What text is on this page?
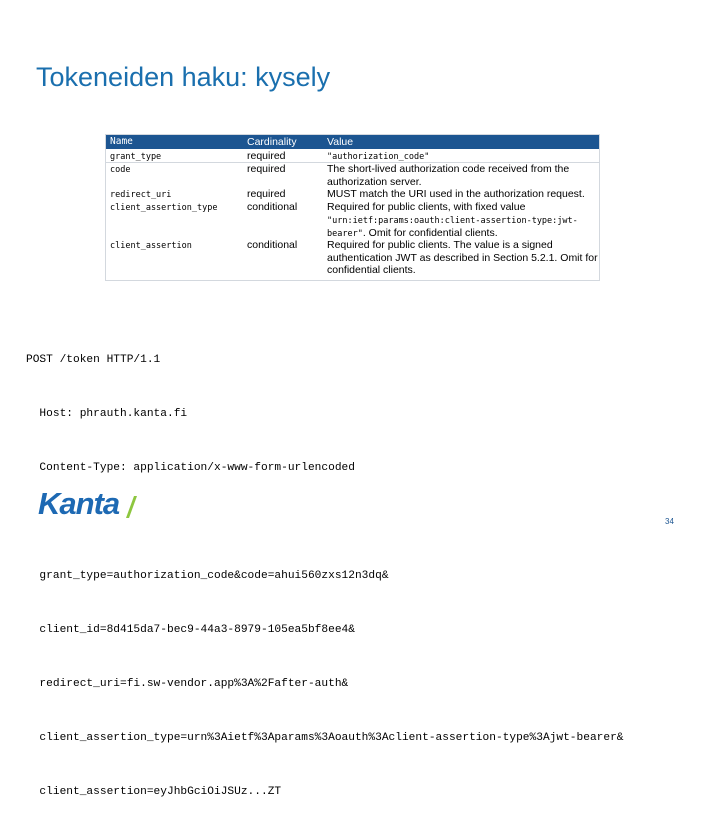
Tokeneiden haku: kysely
Name	Cardinality	Value
grant_type	required	"authorization_code"
code	required	The short-lived authorization code received from the authorization server.
redirect_uri	required	MUST match the URI used in the authorization request.
client_assertion_type	conditional	Required for public clients, with fixed value "urn:ietf:params:oauth:client-assertion-type:jwt-bearer". Omit for confidential clients.
client_assertion	conditional	Required for public clients. The value is a signed authentication JWT as described in Section 5.2.1. Omit for confidential clients.

POST /token HTTP/1.1

Host: phrauth.kanta.fi

Content-Type: application/x-www-form-urlencoded

grant_type=authorization_code&code=ahui560zxs12n3dq&

client_id=8d415da7-bec9-44a3-8979-105ea5bf8ee4&

redirect_uri=fi.sw-vendor.app%3A%2Fafter-auth&

client_assertion_type=urn%3Aietf%3Aparams%3Aoauth%3Aclient-assertion-type%3Ajwt-bearer&

client_assertion=eyJhbGciOiJSUz...ZT

Kanta
34
